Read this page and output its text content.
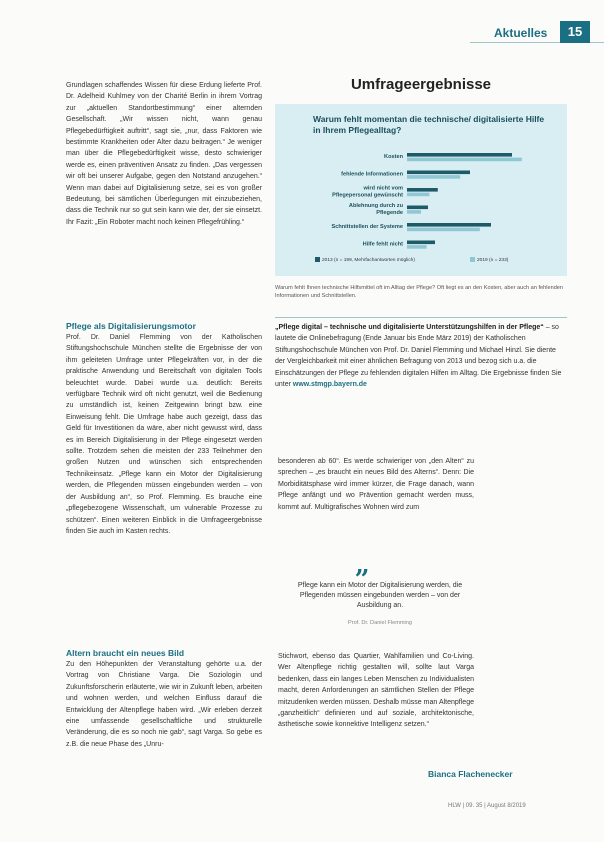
Aktuelles	15

Grundlagen schaffendes Wissen für diese Erdung lieferte Prof. Dr. Adelheid Kuhlmey von der Charité Berlin in ihrem Vortrag zur „aktuellen Standortbestimmung“ einer alternden Gesellschaft. „Wir wissen nicht, wann genau Pflegebedürftigkeit auftritt“, sagt sie, „nur, dass Faktoren wie bestimmte Krankheiten oder Alter dazu beitragen.“ Je weniger man über die Pflegebedürftigkeit wisse, desto schwieriger werde es, einen präventiven Ansatz zu finden. „Das vergessen wir oft bei unserer Aufgabe, gegen den Notstand anzugehen.“ Wenn man dabei auf Digitalisierung setze, sei es von großer Bedeutung, bei sämtlichen Überlegungen mit einzubeziehen, dass die Technik nur so gut sein kann wie der, der sie einsetzt. Ihr Fazit: „Ein Roboter macht noch keinen Pflegefrühling.“

Pflege als Digitalisierungsmotor

Prof. Dr. Daniel Flemming von der Katholischen Stiftungshochschule München stellte die Ergebnisse der von ihm geleiteten Umfrage unter Pflegekräften vor, in der die praktische Anwendung und Bereitschaft von digitalen Tools beleuchtet wurde. Dabei wurde u.a. deutlich: Bereits verfügbare Technik wird oft nicht genutzt, weil die Bedienung zu umständlich ist, keinen Zeitgewinn bringt bzw. eine Einweisung fehlt. Die Umfrage habe auch gezeigt, dass das Geld für Investitionen da wäre, aber nicht gewusst wird, dass es im Bereich Digitalisierung in der Pflege eingesetzt werden sollte. Trotzdem sehen die meisten der 233 Teilnehmer den großen Nutzen und wünschen sich entsprechenden Technikeinsatz. „Pflege kann ein Motor der Digitalisierung werden, die Pflegenden müssen eingebunden werden – von der Ausbildung an“, so Prof. Flemming. Es brauche eine „pflegebezogene Wissenschaft, um vulnerable Prozesse zu schützen“. Einen weiteren Einblick in die Umfrageergebnisse finden Sie auch im Kasten rechts.

Altern braucht ein neues Bild

Zu den Höhepunkten der Veranstaltung gehörte u.a. der Vortrag von Christiane Varga. Die Soziologin und Zukunftsforscherin erläuterte, wie wir in Zukunft leben, arbeiten und wohnen werden, und welchen Einfluss darauf die Entwicklung der Altenpflege haben wird. „Wir erleben derzeit eine umfassende gesellschaftliche und strukturelle Veränderung, die es so noch nie gab“, sagt Varga. So gebe es z.B. die neue Phase des „Unru-

Umfrageergebnisse
Warum fehlt momentan die technische/ digitalisierte Hilfe in Ihrem Pflegealltag?
Kosten
fehlende Informationen
wird nicht vom
Pflegepersonal gewünscht
Ablehnung durch zu
Pflegende
Schnittstellen der Systeme
Hilfe fehlt nicht
2013 (n = 199, Mehrfachantworten möglich)	2019 (n = 233)
Warum fehlt Ihnen technische Hilfsmittel oft im Alltag der Pflege? Oft liegt es an den Kosten, aber auch an fehlenden Informationen und Schnittstellen.
„Pflege digital – technische und digitalisierte Unterstützungshilfen in der Pflege“ – so lautete die Onlinebefragung (Ende Januar bis Ende März 2019) der Katholischen Stiftungshochschule München von Prof. Dr. Daniel Flemming und Michael Hinzl. Sie diente der Vergleichbarkeit mit einer ähnlichen Befragung von 2013 und bezog sich u.a. die Einschätzungen der Pflege zu fehlenden digitalen Hilfen im Alltag. Die Ergebnisse finden Sie unter www.stmgp.bayern.de

besonderen ab 60“. Es werde schwieriger von „den Alten“ zu sprechen – „es braucht ein neues Bild des Alterns“. Denn: Die Morbiditätsphase wird immer kürzer, die Frage danach, wann Pflege anfängt und wo Prävention gemacht werden muss, kommt auf. Multigrafisches Wohnen wird zum

„
Pflege kann ein Motor der Digitalisierung werden, die Pflegenden müssen eingebunden werden – von der Ausbildung an.
Prof. Dr. Daniel Flemming

Stichwort, ebenso das Quartier, Wahlfamilien und Co-Living. Wer Altenpflege richtig gestalten will, sollte laut Varga bedenken, dass ein langes Leben Menschen zu Individualisten macht, deren Anforderungen an sämtlichen Stellen der Pflege mitzudenken werden müssen. Deshalb müsse man Altenpflege „ganzheitlich“ definieren und auf soziale, architektonische, ästhetische sowie konnektive Intelligenz setzen.“

Bianca Flachenecker
HLW | 09. 35 | August 8/2019
